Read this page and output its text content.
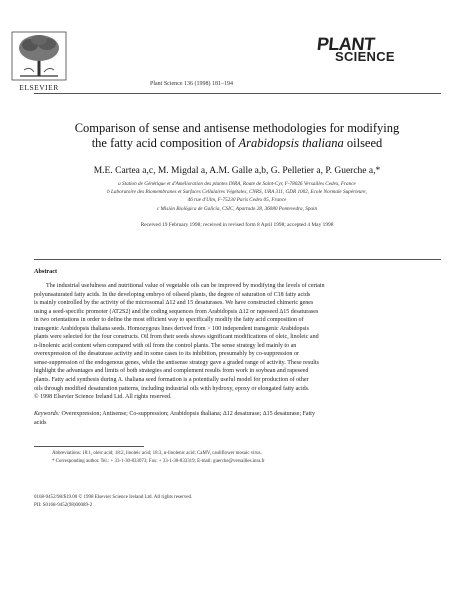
ELSEVIER	Plant Science 136 (1998) 181–194
PLANT
SCIENCE
Comparison of sense and antisense methodologies for modifying
the fatty acid composition of Arabidopsis thaliana oilseed
M.E. Cartea a,c, M. Migdal a, A.M. Galle a,b, G. Pelletier a, P. Guerche a,*
a Station de Génétique et d'Amélioration des plantes INRA, Route de Saint-Cyr, F-78026 Versailles Cedex, France
b Laboratoire des Biomembranes et Surfaces Cellulaires Végétales, CNRS, URA 311, GDR 1002, Ecole Normale Supérieure,
46 rue d'Ulm, F-75230 Paris Cedex 05, France
c Misión Biológica de Galicia, CSIC, Apartado 28, 36080 Pontevedra, Spain
Received 19 February 1998; received in revised form 8 April 1998; accepted 4 May 1998
Abstract
The industrial usefulness and nutritional value of vegetable oils can be improved by modifying the levels of certain
polyunsaturated fatty acids. In the developing embryo of oilseed plants, the degree of saturation of C18 fatty acids
is mainly controlled by the activity of the microsomal Δ12 and 15 desaturases. We have constructed chimeric genes
using a seed-specific promoter (AT2S2) and the coding sequences from Arabidopsis Δ12 or rapeseed Δ15 desaturases
in two orientations in order to define the most efficient way to specifically modify the fatty acid composition of
transgenic Arabidopsis thaliana seeds. Homozygous lines derived from > 100 independent transgenic Arabidopsis
plants were selected for the four constructs. Oil from their seeds shows significant modifications of oleic, linoleic and
α-linolenic acid content when compared with oil from the control plants. The sense strategy led mainly to an
overexpression of the desaturase activity and in some cases to its inhibition, presumably by co-suppression or
sense-suppression of the endogenous genes, while the antisense strategy gave a graded range of activity. These results
highlight the advantages and limits of both strategies and complement results from work in soybean and rapeseed
plants. Fatty acid synthesis during A. thaliana seed formation is a potentially useful model for production of other
oils through modified desaturation patterns, including industrial oils with hydroxy, epoxy or elongated fatty acids.
© 1998 Elsevier Science Ireland Ltd. All rights reserved.
Keywords: Overexpression; Antisense; Co-suppression; Arabidopsis thaliana; Δ12 desaturase; Δ15 desaturase; Fatty
acids
Abbreviations: 18:1, oleic acid; 18:2, linoleic acid; 18:3, α-linolenic acid; CaMV, cauliflower mosaic virus.
* Corresponding author. Tel.: + 33-1-30-833073; Fax: + 33-1-30-833319; E-mail: guerche@versailles.inra.fr
0168-9452/98/$19.00 © 1998 Elsevier Science Ireland Ltd. All rights reserved.
PII: S0168-9452(98)00089-2
